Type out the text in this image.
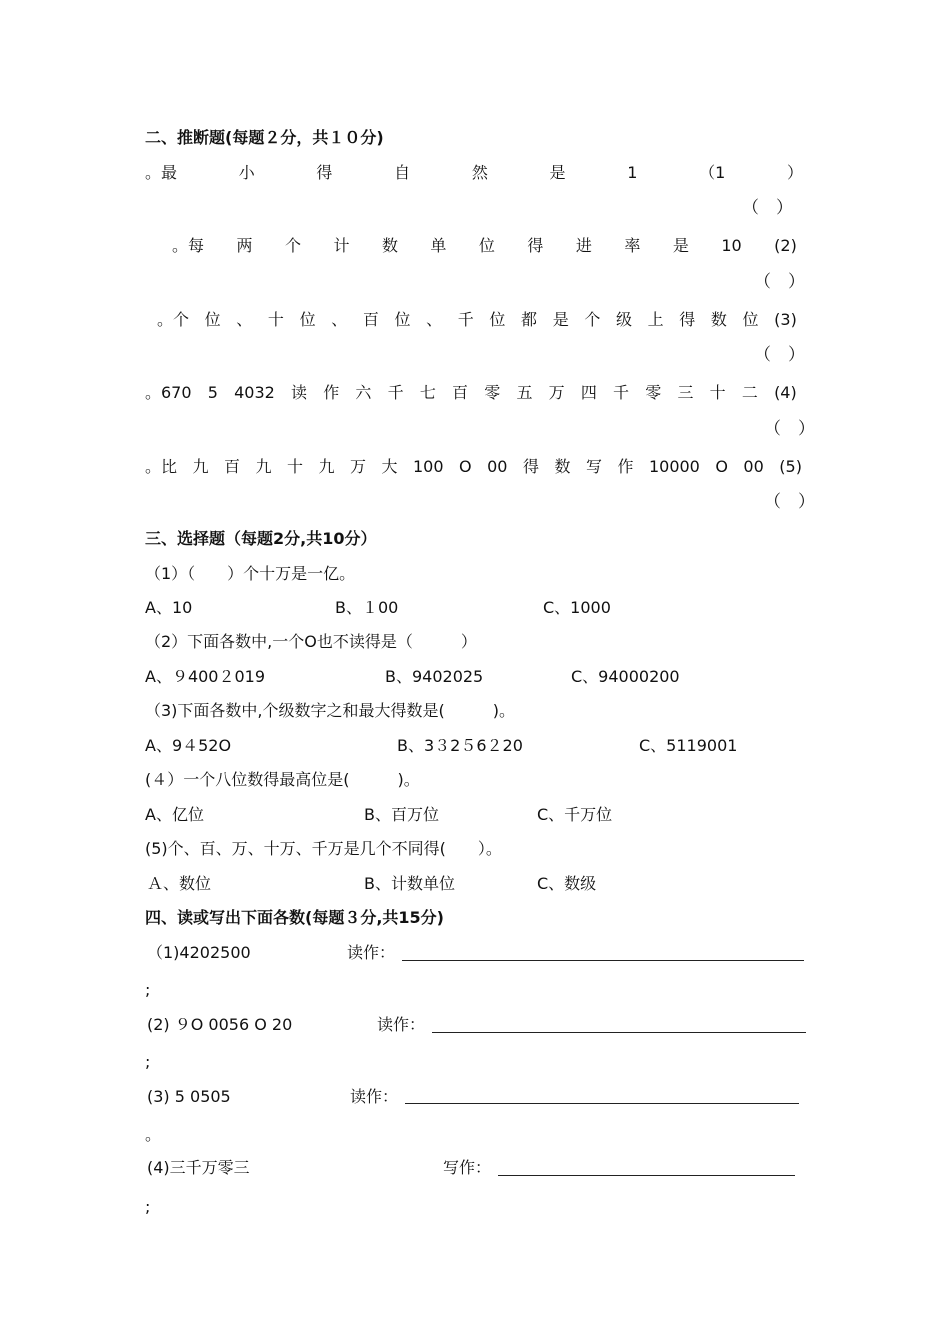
二、推断题(每题２分，共１０分)
。最	小	得	自	然	是	1	（1	）
（　）
。每 两 个 计 数 单 位 得 进 率 是 10 (2)
（　）
。个 位 、 十 位 、 百 位 、 千 位 都 是 个 级 上 得 数 位 (3)
（　）
。670 5 4032 读 作 六 千 七 百 零 五 万 四 千 零 三 十 二 (4)
（　）
。比 九 百 九 十 九 万 大 100 O 00 得 数 写 作 10000 O 00 (5)
（　）
三、选择题（每题2分,共10分）
（1）（　　）个十万是一亿。
A、10	B、１00	C、1000
（2）下面各数中,一个O也不读得是（　　　）
A、９400２019	B、9402025	C、94000200
（3)下面各数中,个级数字之和最大得数是(　　　)。
A、9４52O	B、3３2５6２20	C、5119001
(４）一个八位数得最高位是(　　　)。
A、亿位	B、百万位	C、千万位
(5)个、百、万、十万、千万是几个不同得(　　）。
Ａ、数位	B、计数单位	C、数级
四、读或写出下面各数(每题３分,共15分)
（1)4202500	读作：
;
(2) ９O 0056 O 20	读作：
;
(3) 5 0505	读作：
。
(4)三千万零三	写作：
;
